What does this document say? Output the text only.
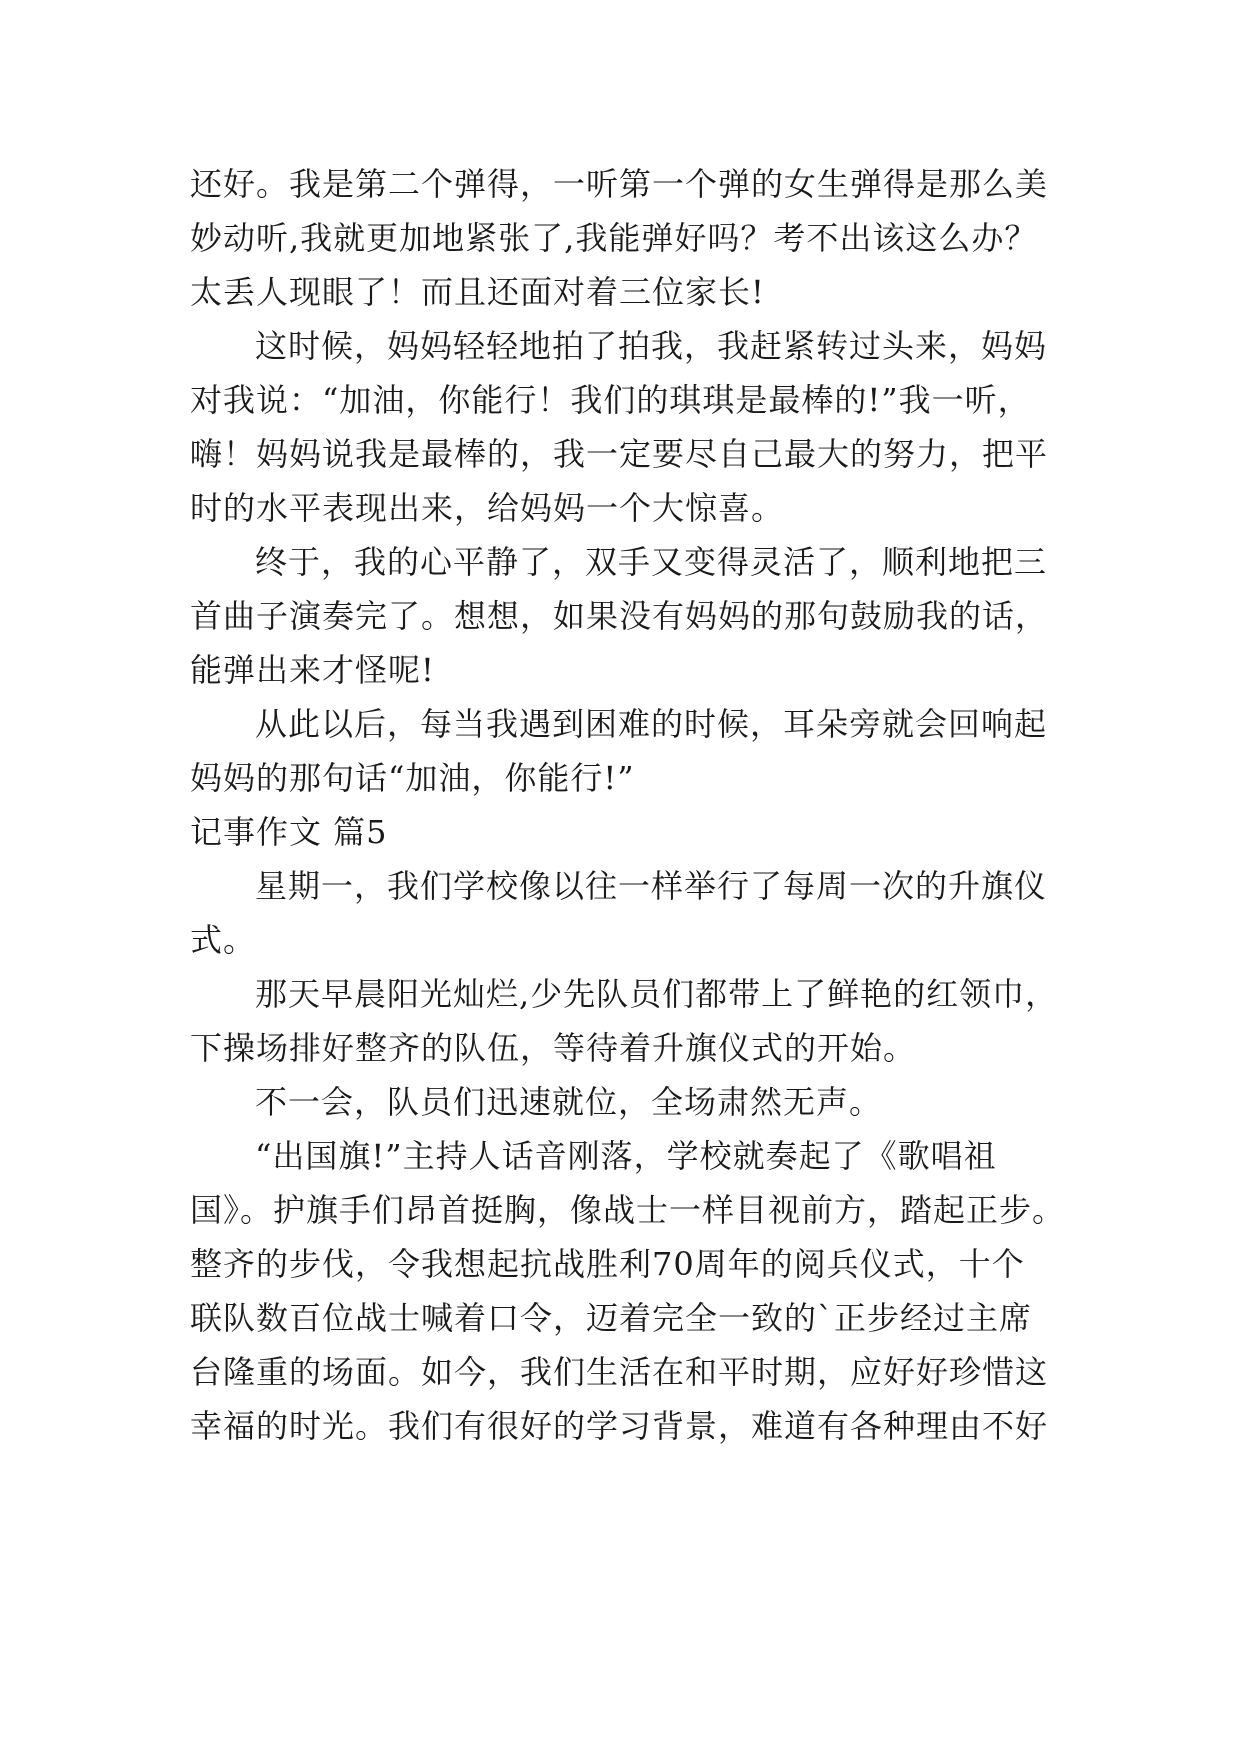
还好。我是第二个弹得，一听第一个弹的女生弹得是那么美
妙动听,我就更加地紧张了,我能弹好吗？考不出该这么办？
太丢人现眼了！而且还面对着三位家长!
这时候，妈妈轻轻地拍了拍我，我赶紧转过头来，妈妈
对我说：“加油，你能行！我们的琪琪是最棒的!”我一听，
嗨！妈妈说我是最棒的，我一定要尽自己最大的努力，把平
时的水平表现出来，给妈妈一个大惊喜。
终于，我的心平静了，双手又变得灵活了，顺利地把三
首曲子演奏完了。想想，如果没有妈妈的那句鼓励我的话，
能弹出来才怪呢!
从此以后，每当我遇到困难的时候，耳朵旁就会回响起
妈妈的那句话“加油，你能行!”
记事作文 篇5
星期一，我们学校像以往一样举行了每周一次的升旗仪
式。
那天早晨阳光灿烂,少先队员们都带上了鲜艳的红领巾，
下操场排好整齐的队伍，等待着升旗仪式的开始。
不一会，队员们迅速就位，全场肃然无声。
“出国旗!”主持人话音刚落，学校就奏起了《歌唱祖
国》。护旗手们昂首挺胸，像战士一样目视前方，踏起正步。
整齐的步伐，令我想起抗战胜利70周年的阅兵仪式，十个
联队数百位战士喊着口令，迈着完全一致的`正步经过主席
台隆重的场面。如今，我们生活在和平时期，应好好珍惜这
幸福的时光。我们有很好的学习背景，难道有各种理由不好
